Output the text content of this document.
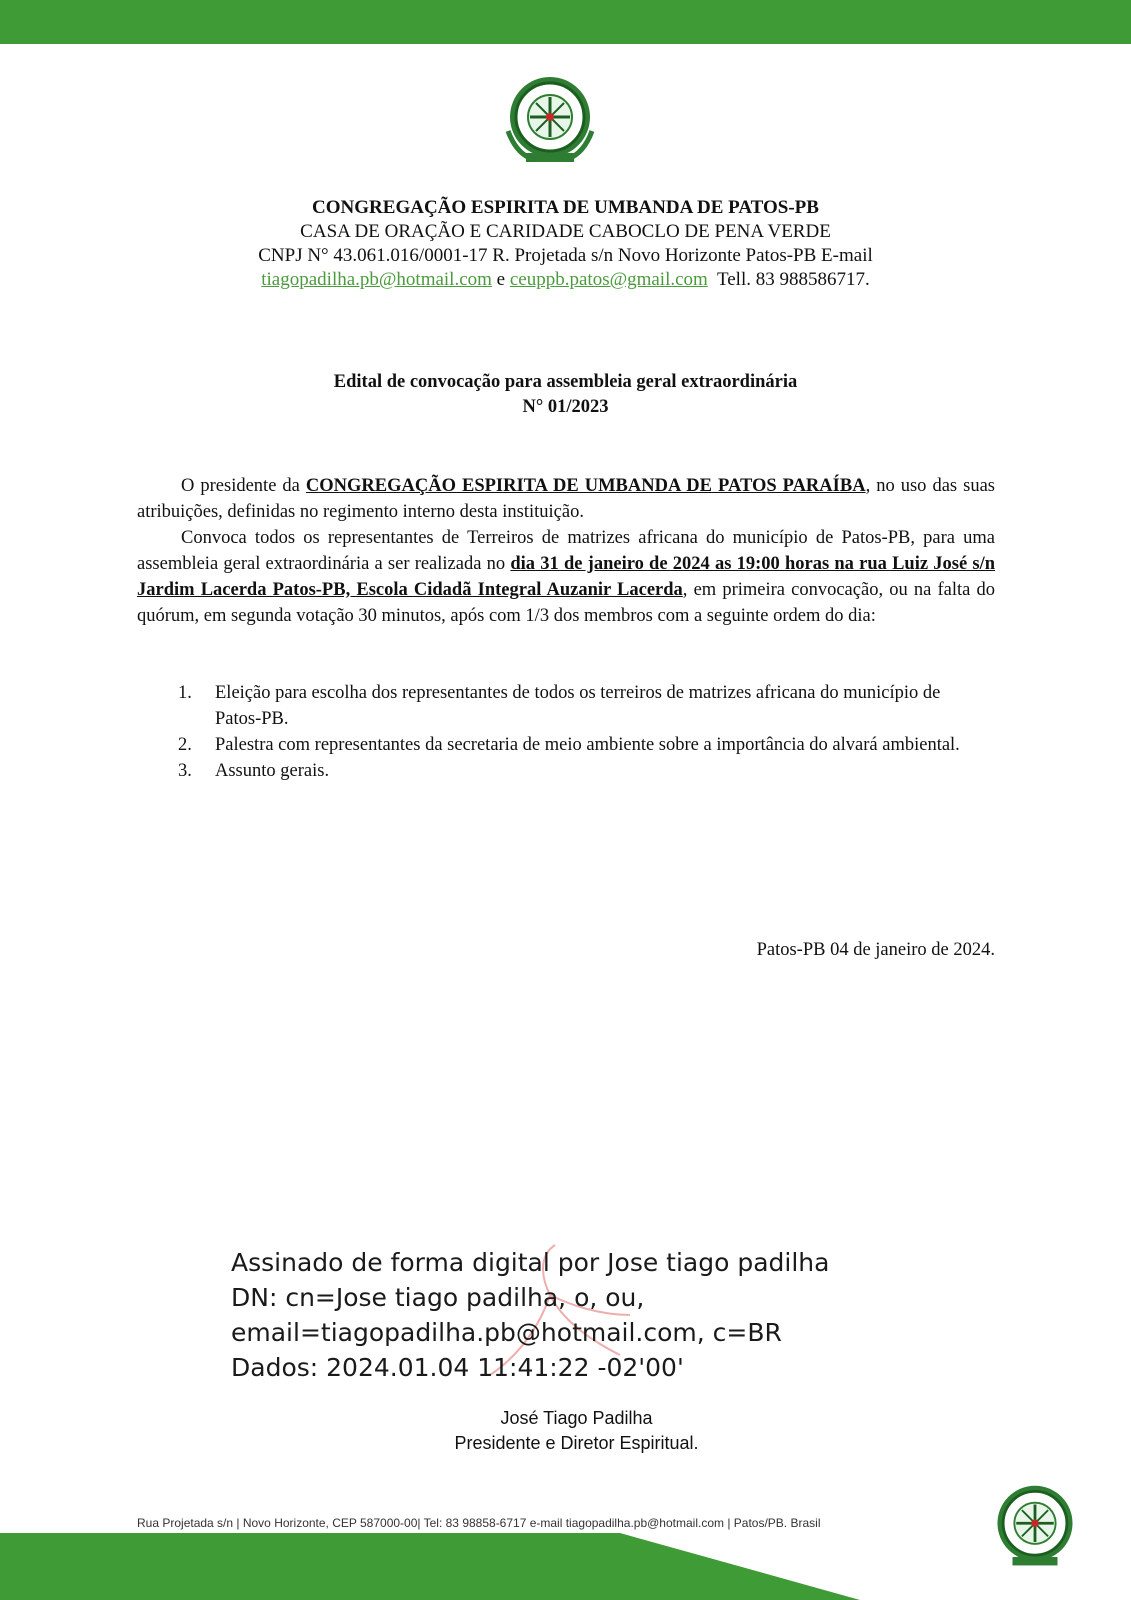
CONGREGAÇÃO ESPIRITA DE UMBANDA DE PATOS-PB
CASA DE ORAÇÃO E CARIDADE CABOCLO DE PENA VERDE
CNPJ N° 43.061.016/0001-17 R. Projetada s/n Novo Horizonte Patos-PB E-mail
tiagopadilha.pb@hotmail.com e ceuppb.patos@gmail.com  Tell. 83 988586717.
Edital de convocação para assembleia geral extraordinária
N° 01/2023

O presidente da CONGREGAÇÃO ESPIRITA DE UMBANDA DE PATOS PARAÍBA, no uso das suas atribuições, definidas no regimento interno desta instituição.

Convoca todos os representantes de Terreiros de matrizes africana do município de Patos-PB, para uma assembleia geral extraordinária a ser realizada no dia 31 de janeiro de 2024 as 19:00 horas na rua Luiz José s/n Jardim Lacerda Patos-PB, Escola Cidadã Integral Auzanir Lacerda, em primeira convocação, ou na falta do quórum, em segunda votação 30 minutos, após com 1/3 dos membros com a seguinte ordem do dia:

1.	Eleição para escolha dos representantes de todos os terreiros de matrizes africana do município de Patos-PB.
2.	Palestra com representantes da secretaria de meio ambiente sobre a importância do alvará ambiental.
3.	Assunto gerais.
Patos-PB 04 de janeiro de 2024.
Assinado de forma digital por Jose tiago padilha
DN: cn=Jose tiago padilha, o, ou,
email=tiagopadilha.pb@hotmail.com, c=BR
Dados: 2024.01.04 11:41:22 -02'00'
José Tiago Padilha
Presidente e Diretor Espiritual.
Rua Projetada s/n | Novo Horizonte, CEP 587000-00| Tel: 83 98858-6717 e-mail tiagopadilha.pb@hotmail.com | Patos/PB. Brasil
